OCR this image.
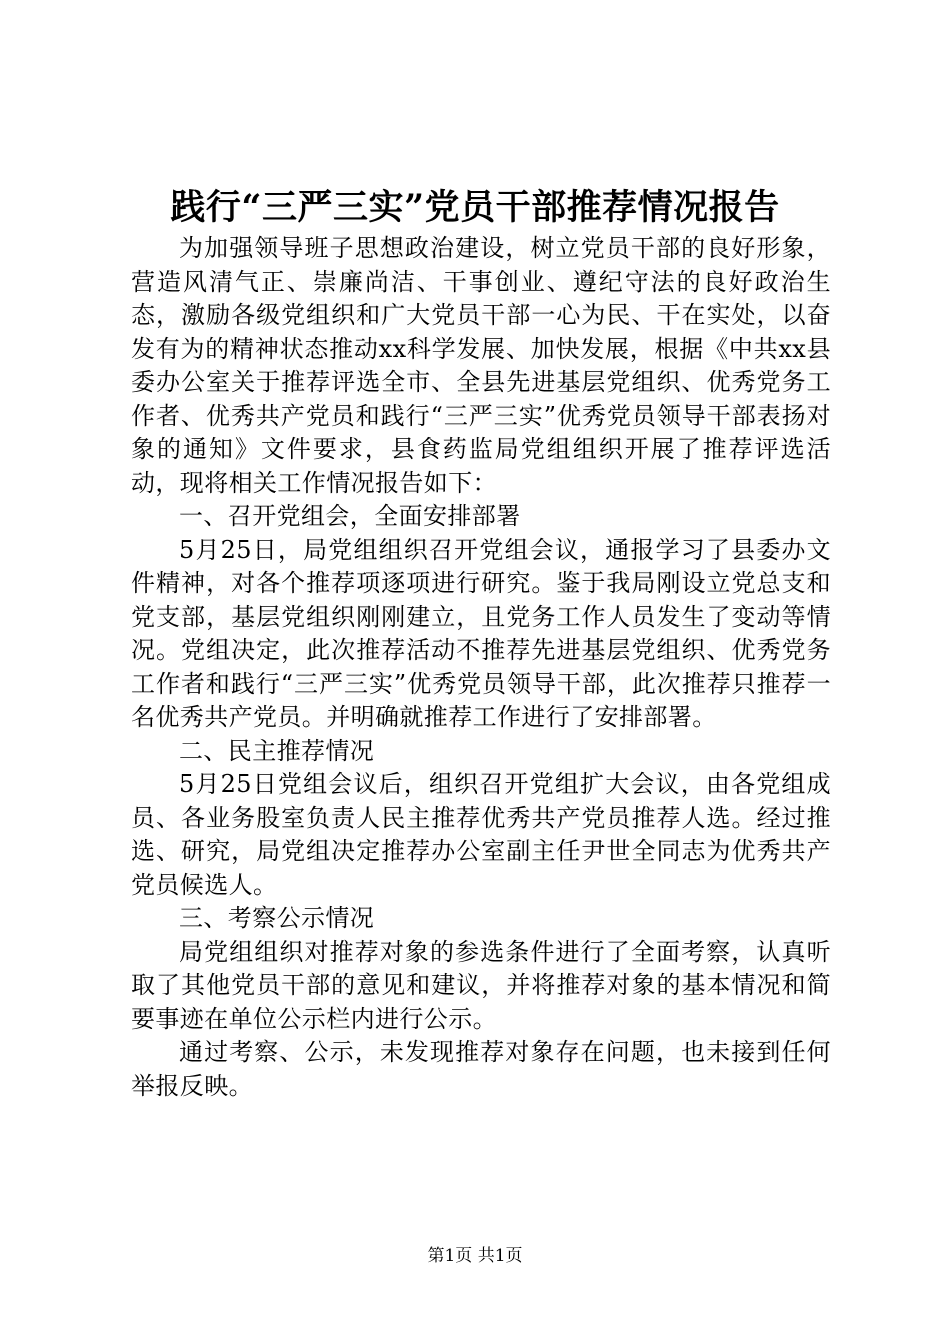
践行“三严三实”党员干部推荐情况报告

为加强领导班子思想政治建设，树立党员干部的良好形象，营造风清气正、崇廉尚洁、干事创业、遵纪守法的良好政治生态，激励各级党组织和广大党员干部一心为民、干在实处，以奋发有为的精神状态推动xx科学发展、加快发展，根据《中共xx县委办公室关于推荐评选全市、全县先进基层党组织、优秀党务工作者、优秀共产党员和践行“三严三实”优秀党员领导干部表扬对象的通知》文件要求，县食药监局党组组织开展了推荐评选活动，现将相关工作情况报告如下：

一、召开党组会，全面安排部署

5月25日，局党组组织召开党组会议，通报学习了县委办文件精神，对各个推荐项逐项进行研究。鉴于我局刚设立党总支和党支部，基层党组织刚刚建立，且党务工作人员发生了变动等情况。党组决定，此次推荐活动不推荐先进基层党组织、优秀党务工作者和践行“三严三实”优秀党员领导干部，此次推荐只推荐一名优秀共产党员。并明确就推荐工作进行了安排部署。

二、民主推荐情况

5月25日党组会议后，组织召开党组扩大会议，由各党组成员、各业务股室负责人民主推荐优秀共产党员推荐人选。经过推选、研究，局党组决定推荐办公室副主任尹世全同志为优秀共产党员候选人。

三、考察公示情况

局党组组织对推荐对象的参选条件进行了全面考察，认真听取了其他党员干部的意见和建议，并将推荐对象的基本情况和简要事迹在单位公示栏内进行公示。

通过考察、公示，未发现推荐对象存在问题，也未接到任何举报反映。

第1页 共1页
